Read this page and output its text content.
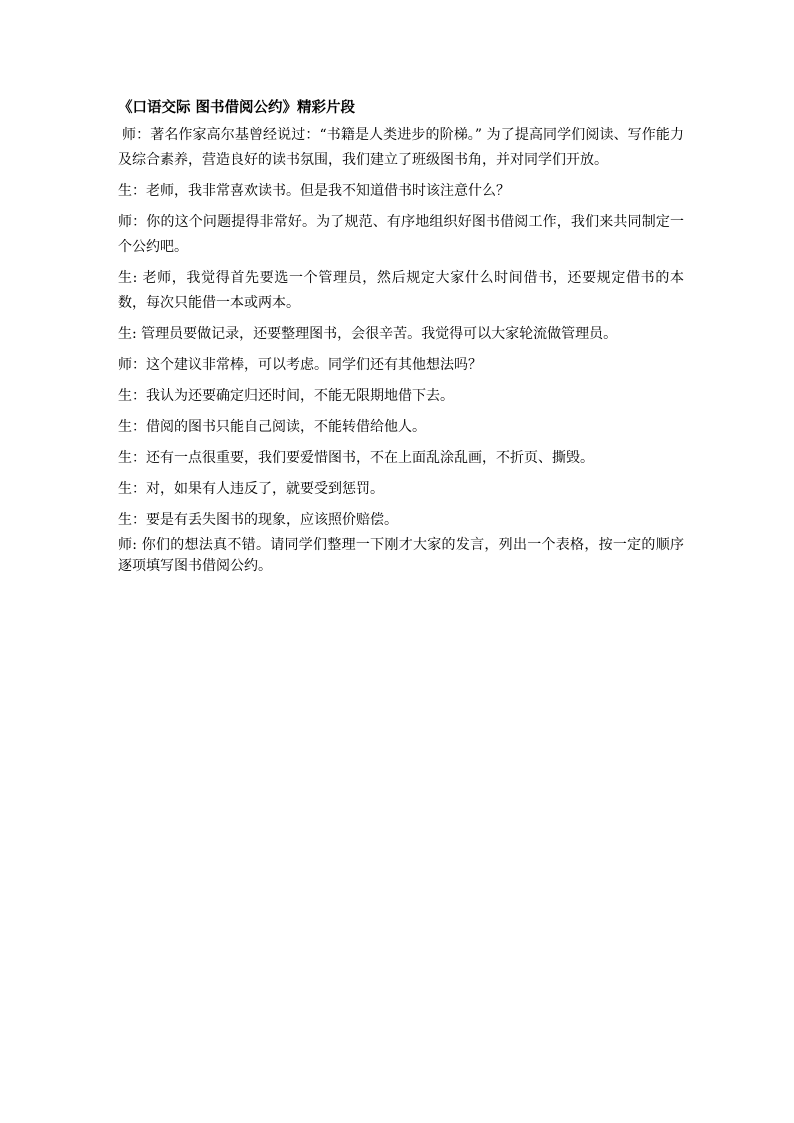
《口语交际 图书借阅公约》精彩片段

师：著名作家高尔基曾经说过：“书籍是人类进步的阶梯。” 为了提高同学们阅读、写作能力及综合素养，营造良好的读书氛围，我们建立了班级图书角，并对同学们开放。

生：老师，我非常喜欢读书。但是我不知道借书时该注意什么？

师：你的这个问题提得非常好。为了规范、有序地组织好图书借阅工作，我们来共同制定一个公约吧。

生: 老师，我觉得首先要选一个管理员，然后规定大家什么时间借书，还要规定借书的本数，每次只能借一本或两本。

生: 管理员要做记录，还要整理图书，会很辛苦。我觉得可以大家轮流做管理员。

师：这个建议非常棒，可以考虑。同学们还有其他想法吗？

生：我认为还要确定归还时间，不能无限期地借下去。

生：借阅的图书只能自己阅读，不能转借给他人。

生：还有一点很重要，我们要爱惜图书，不在上面乱涂乱画，不折页、撕毁。

生：对，如果有人违反了，就要受到惩罚。

生：要是有丢失图书的现象，应该照价赔偿。

师: 你们的想法真不错。请同学们整理一下刚才大家的发言，列出一个表格，按一定的顺序逐项填写图书借阅公约。
